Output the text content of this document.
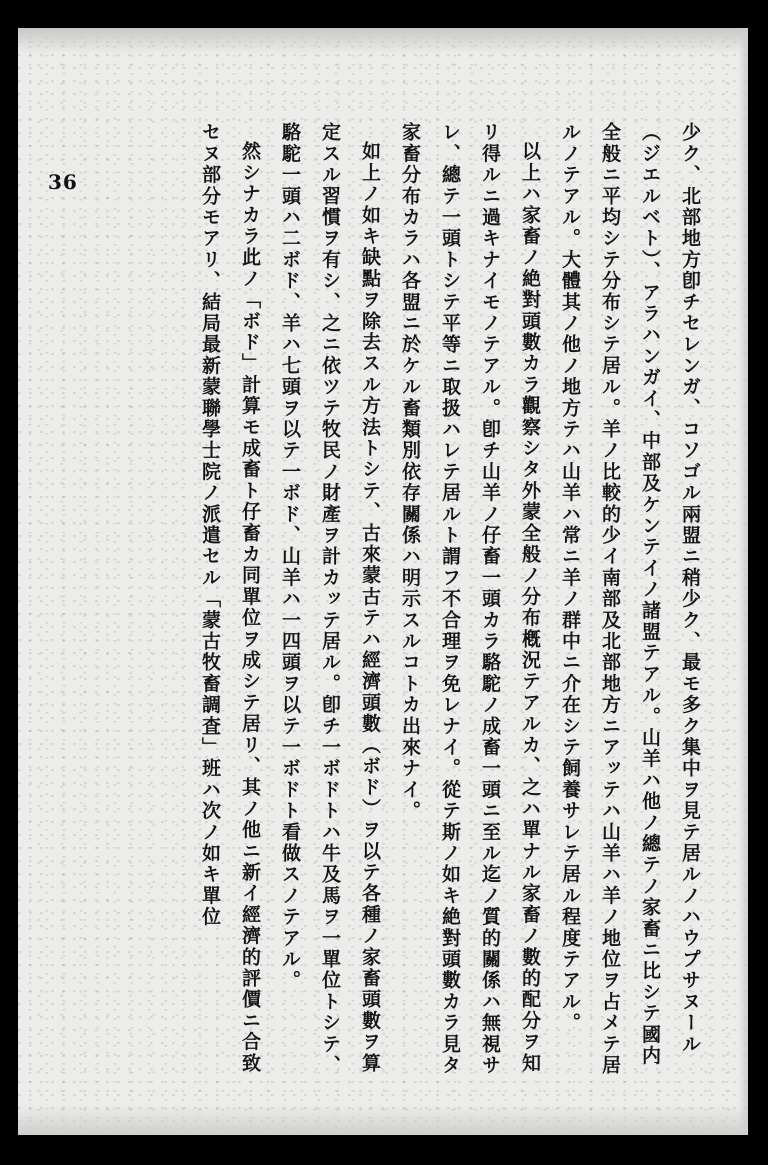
36	少ク、北部地方卽チセレンガ、コソゴル兩盟ニ稍少ク、最モ多ク集中ヲ見テ居ルノハウプサヌール（ジエルベト）、アラハンガイ、中部及ケンテイノ諸盟テアル。山羊ハ他ノ總テノ家畜ニ比シテ國内全般ニ平均シテ分布シテ居ル。羊ノ比較的少イ南部及北部地方ニアッテハ山羊ハ羊ノ地位ヲ占メテ居ルノテアル。大體其ノ他ノ地方テハ山羊ハ常ニ羊ノ群中ニ介在シテ飼養サレテ居ル程度テアル。

以上ハ家畜ノ絶對頭數カラ觀察シタ外蒙全般ノ分布槪況テアルカ、之ハ單ナル家畜ノ數的配分ヲ知リ得ルニ過キナイモノテアル。卽チ山羊ノ仔畜一頭カラ駱駝ノ成畜一頭ニ至ル迄ノ質的關係ハ無視サレ、總テ一頭トシテ平等ニ取扱ハレテ居ルト謂フ不合理ヲ免レナイ。從テ斯ノ如キ絶對頭數カラ見タ家畜分布カラハ各盟ニ於ケル畜類別依存關係ハ明示スルコトカ出來ナイ。

如上ノ如キ缺點ヲ除去スル方法トシテ、古來蒙古テハ經濟頭數（ボド）ヲ以テ各種ノ家畜頭數ヲ算定スル習慣ヲ有シ、之ニ依ツテ牧民ノ財產ヲ計カッテ居ル。卽チ一ボドトハ牛及馬ヲ一單位トシテ、駱駝一頭ハ二ボド、羊ハ七頭ヲ以テ一ボド、山羊ハ一四頭ヲ以テ一ボドト看做スノテアル。

然シナカラ此ノ「ボド」計算モ成畜ト仔畜カ同單位ヲ成シテ居リ、其ノ他ニ新イ經濟的評價ニ合致セヌ部分モアリ、結局最新蒙聯學士院ノ派遣セル「蒙古牧畜調査」班ハ次ノ如キ單位
